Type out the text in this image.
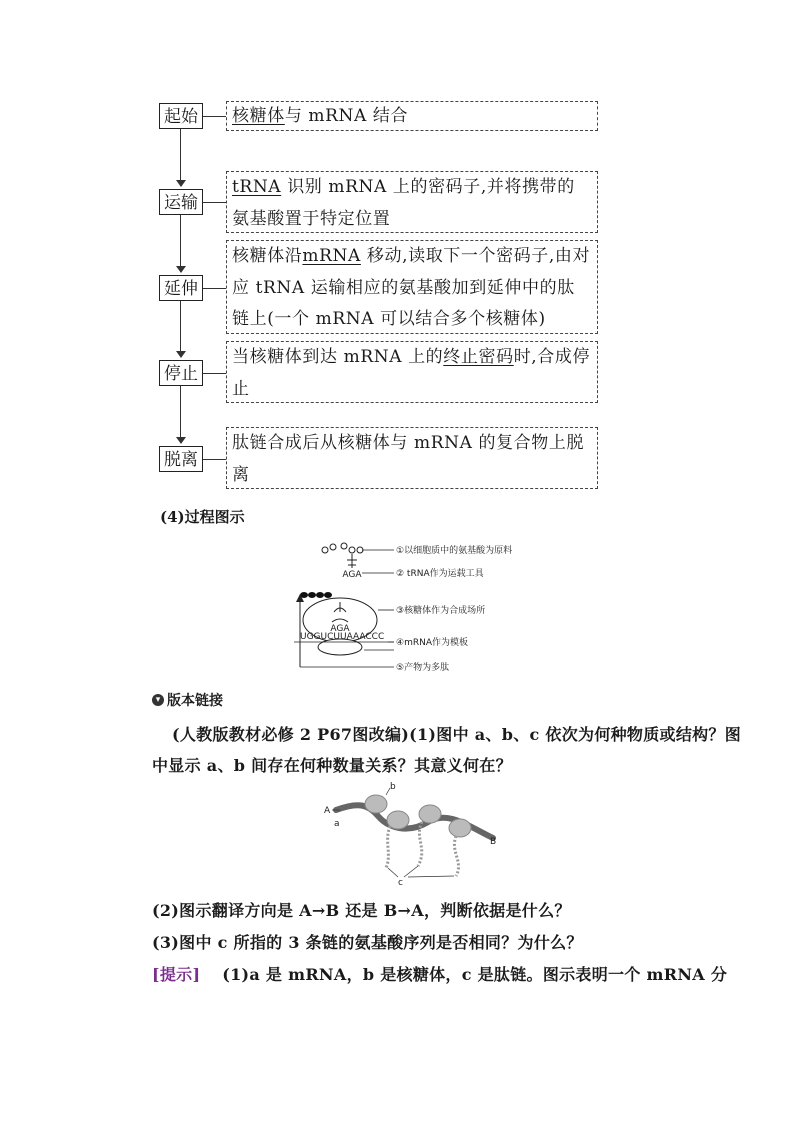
起始	核糖体与 mRNA 结合
运输
tRNA 识别 mRNA 上的密码子,并将携带的氨基酸置于特定位置
延伸
核糖体沿mRNA 移动,读取下一个密码子,由对应 tRNA 运输相应的氨基酸加到延伸中的肽链上(一个 mRNA 可以结合多个核糖体)
停止
当核糖体到达 mRNA 上的终止密码时,合成停止
脱离
肽链合成后从核糖体与 mRNA 的复合物上脱离
(4)过程图示
AGA
AGA
UGGUCUUAAACCC
①以细胞质中的氨基酸为原料
② tRNA作为运载工具
③核糖体作为合成场所
④mRNA作为模板
⑤产物为多肽
▾ 版本链接
(人教版教材必修 2 P67图改编)(1)图中 a、b、c 依次为何种物质或结构？图
中显示 a、b 间存在何种数量关系？其意义何在？
A
a
b
B
c
(2)图示翻译方向是 A→B 还是 B→A，判断依据是什么？
(3)图中 c 所指的 3 条链的氨基酸序列是否相同？为什么？
[提示] (1)a 是 mRNA，b 是核糖体，c 是肽链。图示表明一个 mRNA 分
